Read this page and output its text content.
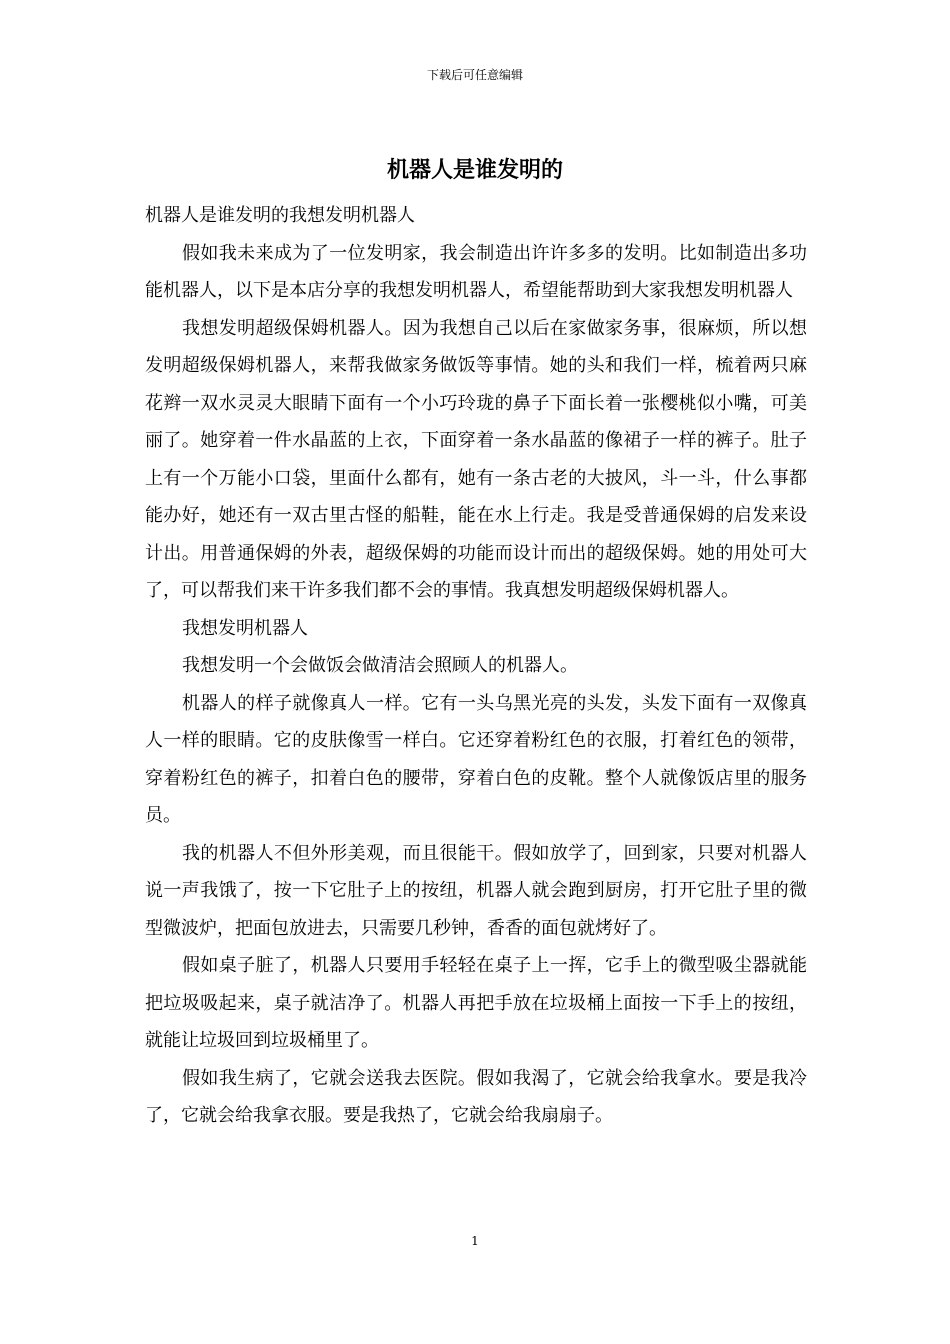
下载后可任意编辑
机器人是谁发明的

机器人是谁发明的我想发明机器人

假如我未来成为了一位发明家，我会制造出许许多多的发明。比如制造出多功能机器人，以下是本店分享的我想发明机器人，希望能帮助到大家我想发明机器人

我想发明超级保姆机器人。因为我想自己以后在家做家务事，很麻烦，所以想发明超级保姆机器人，来帮我做家务做饭等事情。她的头和我们一样，梳着两只麻花辫一双水灵灵大眼睛下面有一个小巧玲珑的鼻子下面长着一张樱桃似小嘴，可美丽了。她穿着一件水晶蓝的上衣，下面穿着一条水晶蓝的像裙子一样的裤子。肚子上有一个万能小口袋，里面什么都有，她有一条古老的大披风，斗一斗，什么事都能办好，她还有一双古里古怪的船鞋，能在水上行走。我是受普通保姆的启发来设计出。用普通保姆的外表，超级保姆的功能而设计而出的超级保姆。她的用处可大了，可以帮我们来干许多我们都不会的事情。我真想发明超级保姆机器人。

我想发明机器人

我想发明一个会做饭会做清洁会照顾人的机器人。

机器人的样子就像真人一样。它有一头乌黑光亮的头发，头发下面有一双像真人一样的眼睛。它的皮肤像雪一样白。它还穿着粉红色的衣服，打着红色的领带，穿着粉红色的裤子，扣着白色的腰带，穿着白色的皮靴。整个人就像饭店里的服务员。

我的机器人不但外形美观，而且很能干。假如放学了，回到家，只要对机器人说一声我饿了，按一下它肚子上的按纽，机器人就会跑到厨房，打开它肚子里的微型微波炉，把面包放进去，只需要几秒钟，香香的面包就烤好了。

假如桌子脏了，机器人只要用手轻轻在桌子上一挥，它手上的微型吸尘器就能把垃圾吸起来，桌子就洁净了。机器人再把手放在垃圾桶上面按一下手上的按纽，就能让垃圾回到垃圾桶里了。

假如我生病了，它就会送我去医院。假如我渴了，它就会给我拿水。要是我冷了，它就会给我拿衣服。要是我热了，它就会给我扇扇子。

1
